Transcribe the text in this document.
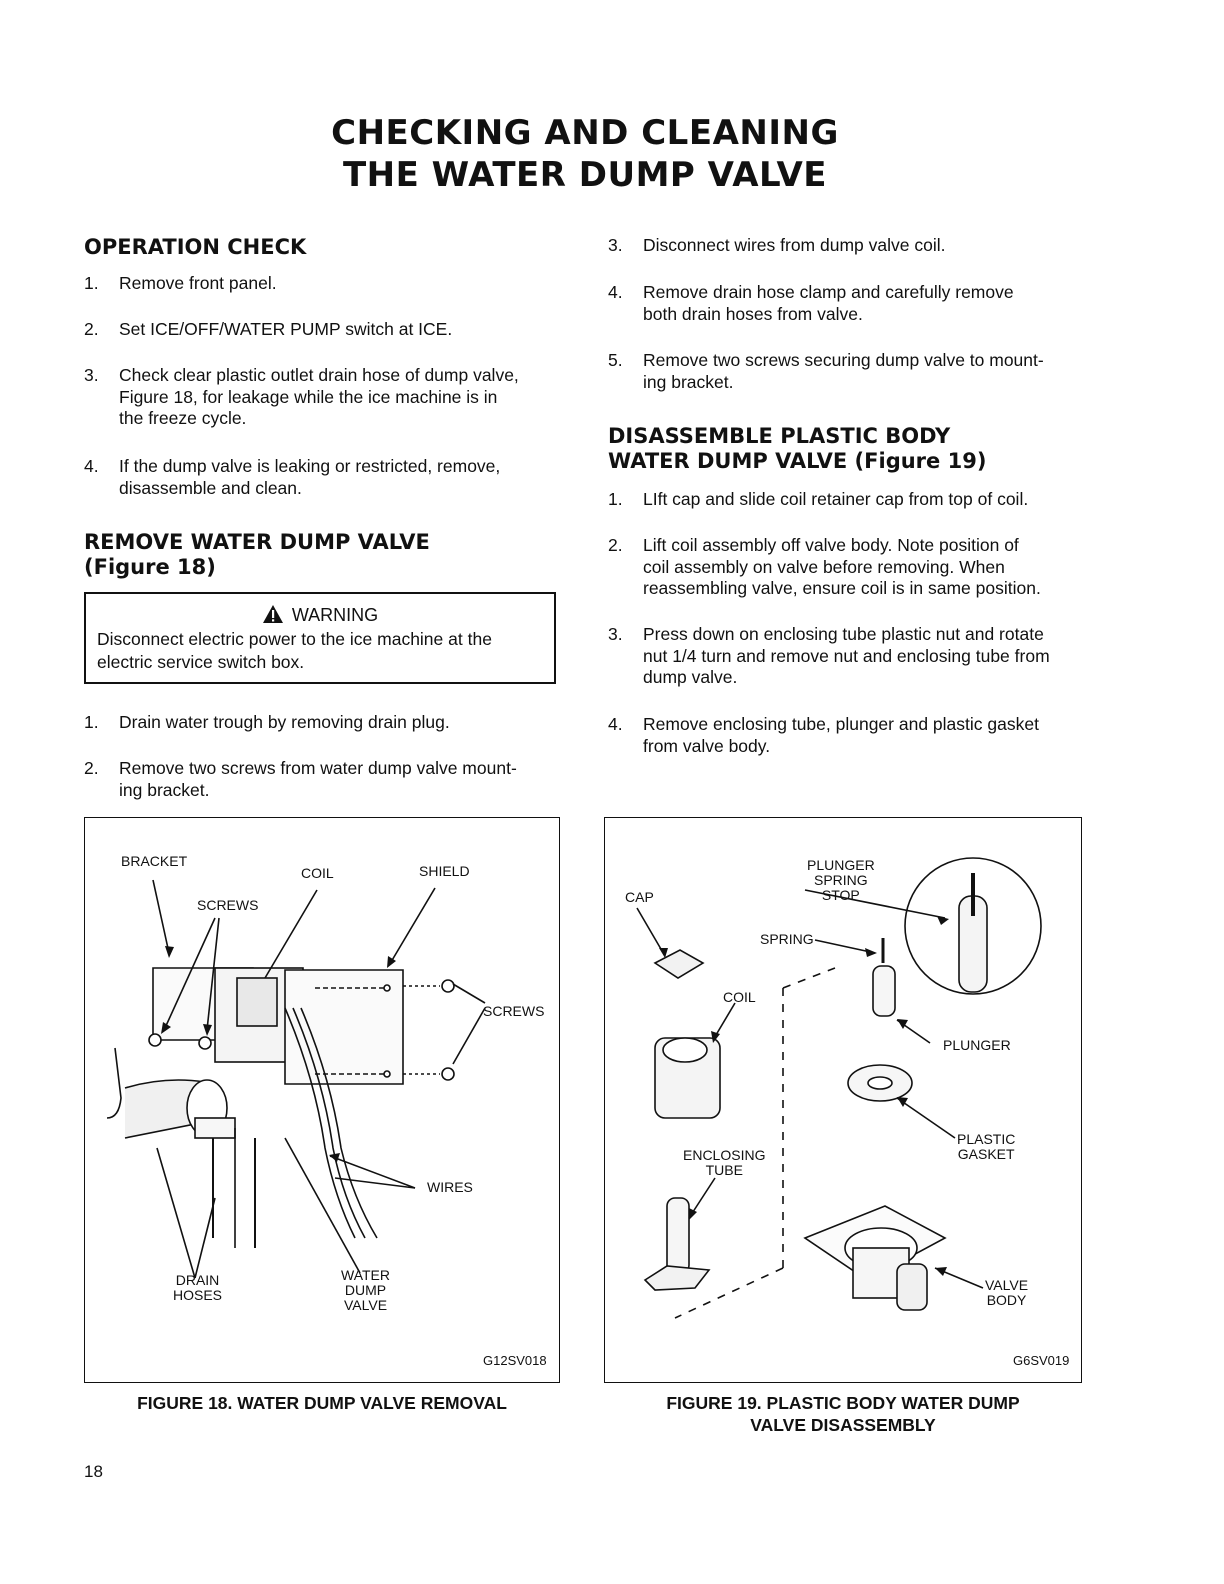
CHECKING AND CLEANING
THE WATER DUMP VALVE
OPERATION CHECK
1. Remove front panel.
2. Set ICE/OFF/WATER PUMP switch at ICE.
3. Check clear plastic outlet drain hose of dump valve,
Figure 18, for leakage while the ice machine is in
the freeze cycle.
4. If the dump valve is leaking or restricted, remove,
disassemble and clean.
REMOVE WATER DUMP VALVE
(Figure 18)
WARNING
Disconnect electric power to the ice machine at the
electric service switch box.
1. Drain water trough by removing drain plug.
2. Remove two screws from water dump valve mount-
ing bracket.
3. Disconnect wires from dump valve coil.
4. Remove drain hose clamp and carefully remove
both drain hoses from valve.
5. Remove two screws securing dump valve to mount-
ing bracket.
DISASSEMBLE PLASTIC BODY
WATER DUMP VALVE (Figure 19)
1. LIft cap and slide coil retainer cap from top of coil.
2. Lift coil assembly off valve body. Note position of
coil assembly on valve before removing. When
reassembling valve, ensure coil is in same position.
3. Press down on enclosing tube plastic nut and rotate
nut 1/4 turn and remove nut and enclosing tube from
dump valve.
4. Remove enclosing tube, plunger and plastic gasket
from valve body.
BRACKET
COIL	SHIELD
SCREWS
SCREWS
WIRES
DRAIN
HOSES
WATER
DUMP
VALVE
G12SV018
FIGURE 18. WATER DUMP VALVE REMOVAL
PLUNGER
SPRING
STOP
CAP
SPRING
COIL
PLUNGER
PLASTIC
GASKET
ENCLOSING
TUBE
VALVE
BODY
G6SV019
FIGURE 19. PLASTIC BODY WATER DUMP
VALVE DISASSEMBLY
18
